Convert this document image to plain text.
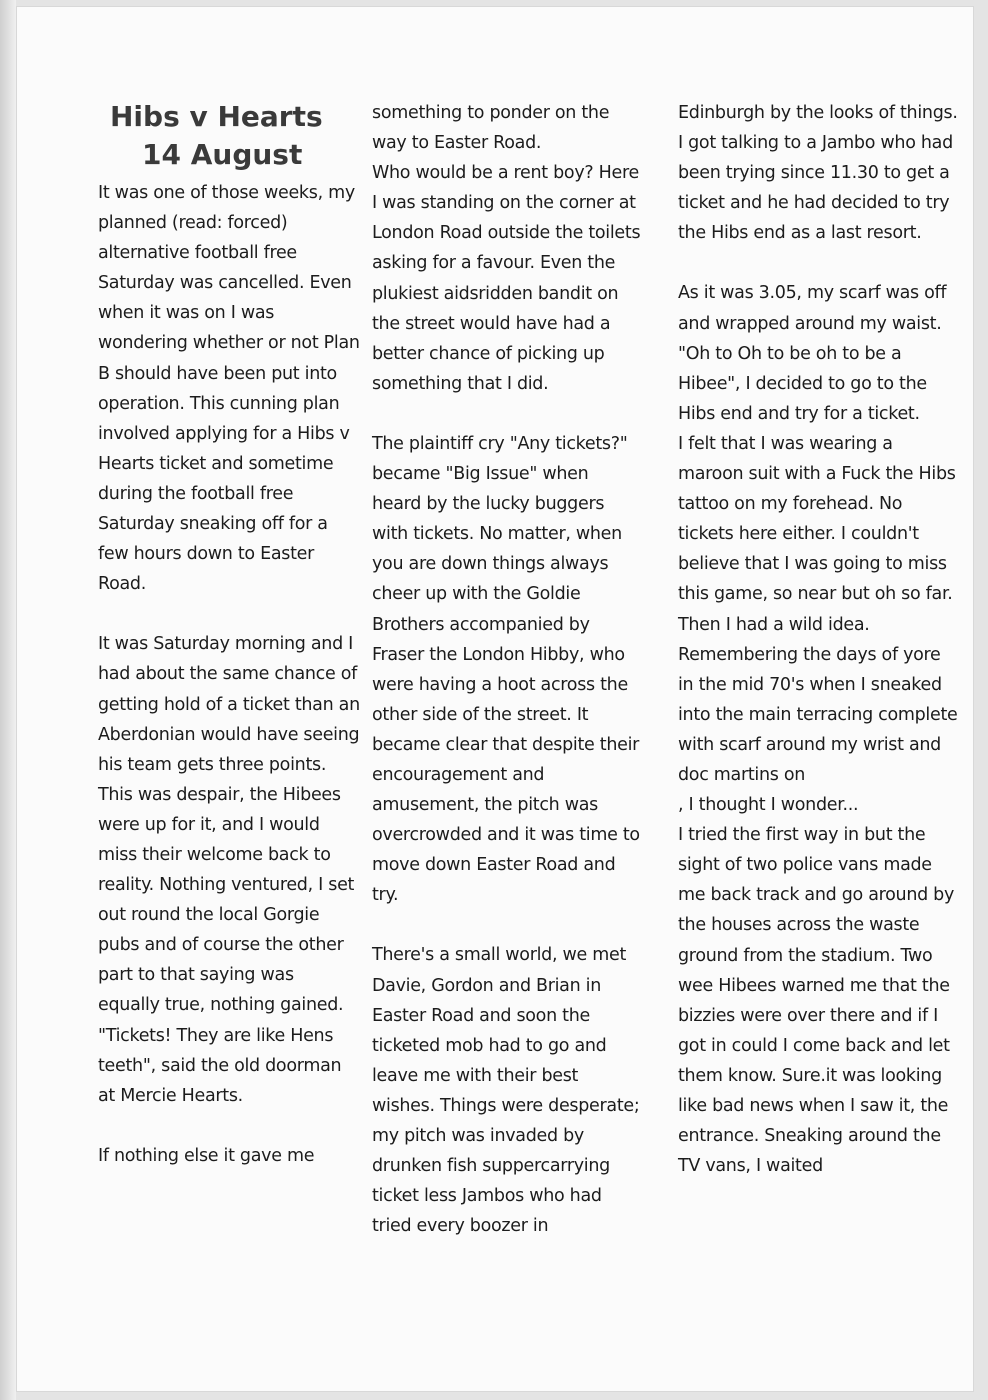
Hibs v Hearts
14 August

It was one of those weeks, my planned (read: forced) alternative football free Saturday was cancelled. Even when it was on I was wondering whether or not Plan B should have been put into operation. This cunning plan involved applying for a Hibs v Hearts ticket and sometime during the football free Saturday sneaking off for a few hours down to Easter Road.

It was Saturday morning and I had about the same chance of getting hold of a ticket than an Aberdonian would have seeing his team gets three points. This was despair, the Hibees were up for it, and I would miss their welcome back to reality. Nothing ventured, I set out round the local Gorgie pubs and of course the other part to that saying was equally true, nothing gained.

"Tickets! They are like Hens teeth", said the old doorman at Mercie Hearts.

If nothing else it gave me

something to ponder on the way to Easter Road.

Who would be a rent boy? Here I was standing on the corner at London Road outside the toilets asking for a favour. Even the plukiest aidsridden bandit on the street would have had a better chance of picking up something that I did.

The plaintiff cry "Any tickets?" became "Big Issue" when heard by the lucky buggers with tickets. No matter, when you are down things always cheer up with the Goldie Brothers accompanied by Fraser the London Hibby, who were having a hoot across the other side of the street. It became clear that despite their encouragement and amusement, the pitch was overcrowded and it was time to move down Easter Road and try.

There's a small world, we met Davie, Gordon and Brian in Easter Road and soon the ticketed mob had to go and leave me with their best wishes. Things were desperate; my pitch was invaded by drunken fish suppercarrying ticket less Jambos who had tried every boozer in

Edinburgh by the looks of things. I got talking to a Jambo who had been trying since 11.30 to get a ticket and he had decided to try the Hibs end as a last resort.

As it was 3.05, my scarf was off and wrapped around my waist. "Oh to Oh to be oh to be a Hibee", I decided to go to the Hibs end and try for a ticket.

I felt that I was wearing a maroon suit with a Fuck the Hibs tattoo on my forehead. No tickets here either. I couldn't believe that I was going to miss this game, so near but oh so far. Then I had a wild idea. Remembering the days of yore in the mid 70's when I sneaked into the main terracing complete with scarf around my wrist and doc martins on

, I thought I wonder...

I tried the first way in but the sight of two police vans made me back track and go around by the houses across the waste ground from the stadium. Two wee Hibees warned me that the bizzies were over there and if I got in could I come back and let them know. Sure.it was looking like bad news when I saw it, the entrance. Sneaking around the TV vans, I waited
